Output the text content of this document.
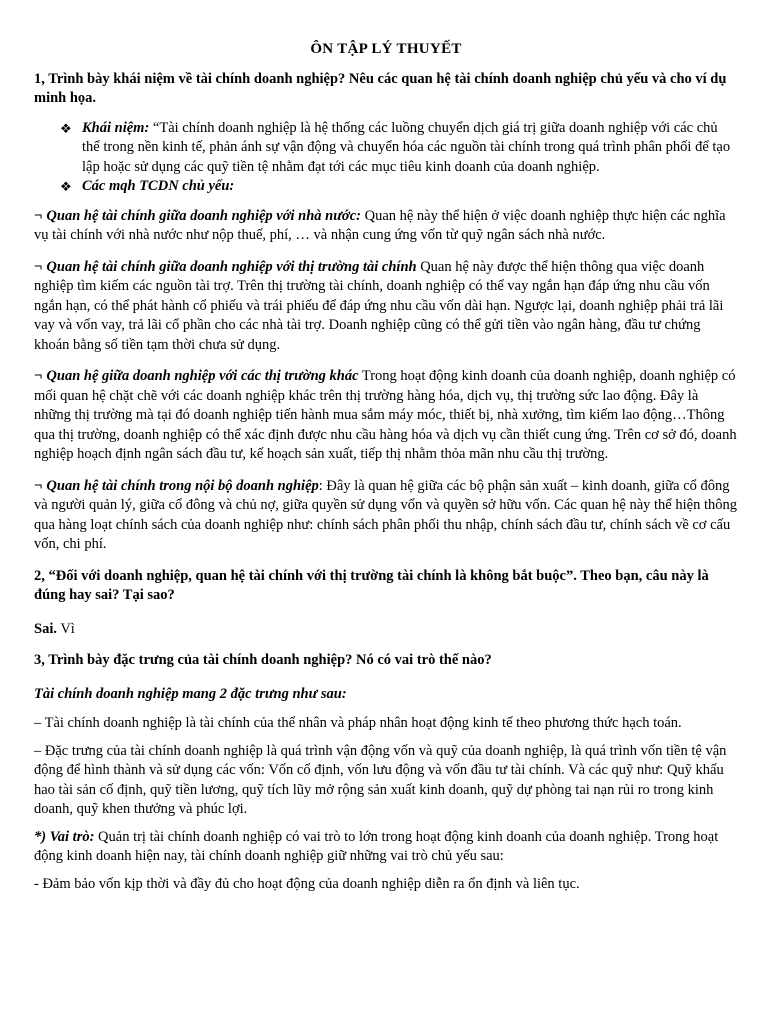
ÔN TẬP LÝ THUYẾT
1, Trình bày khái niệm về tài chính doanh nghiệp? Nêu các quan hệ tài chính doanh nghiệp chủ yếu và cho ví dụ minh họa.
❖ Khái niệm: “Tài chính doanh nghiệp là hệ thống các luồng chuyển dịch giá trị giữa doanh nghiệp với các chủ thể trong nền kinh tế, phản ánh sự vận động và chuyển hóa các nguồn tài chính trong quá trình phân phối để tạo lập hoặc sử dụng các quỹ tiền tệ nhằm đạt tới các mục tiêu kinh doanh của doanh nghiệp.
❖ Các mqh TCDN chủ yếu:
¬ Quan hệ tài chính giữa doanh nghiệp với nhà nước: Quan hệ này thể hiện ở việc doanh nghiệp thực hiện các nghĩa vụ tài chính với nhà nước như nộp thuế, phí, … và nhận cung ứng vốn từ quỹ ngân sách nhà nước.
¬ Quan hệ tài chính giữa doanh nghiệp với thị trường tài chính Quan hệ này được thể hiện thông qua việc doanh nghiệp tìm kiếm các nguồn tài trợ. Trên thị trường tài chính, doanh nghiệp có thể vay ngắn hạn đáp ứng nhu cầu vốn ngắn hạn, có thể phát hành cổ phiếu và trái phiếu để đáp ứng nhu cầu vốn dài hạn. Ngược lại, doanh nghiệp phải trả lãi vay và vốn vay, trả lãi cổ phần cho các nhà tài trợ. Doanh nghiệp cũng có thể gửi tiền vào ngân hàng, đầu tư chứng khoán bằng số tiền tạm thời chưa sử dụng.
¬ Quan hệ giữa doanh nghiệp với các thị trường khác Trong hoạt động kinh doanh của doanh nghiệp, doanh nghiệp có mối quan hệ chặt chẽ với các doanh nghiệp khác trên thị trường hàng hóa, dịch vụ, thị trường sức lao động. Đây là những thị trường mà tại đó doanh nghiệp tiến hành mua sắm máy móc, thiết bị, nhà xưởng, tìm kiếm lao động…Thông qua thị trường, doanh nghiệp có thể xác định được nhu cầu hàng hóa và dịch vụ cần thiết cung ứng. Trên cơ sở đó, doanh nghiệp hoạch định ngân sách đầu tư, kế hoạch sản xuất, tiếp thị nhằm thỏa mãn nhu cầu thị trường.
¬ Quan hệ tài chính trong nội bộ doanh nghiệp: Đây là quan hệ giữa các bộ phận sản xuất – kinh doanh, giữa cổ đông và người quản lý, giữa cổ đông và chủ nợ, giữa quyền sử dụng vốn và quyền sở hữu vốn. Các quan hệ này thể hiện thông qua hàng loạt chính sách của doanh nghiệp như: chính sách phân phối thu nhập, chính sách đầu tư, chính sách về cơ cấu vốn, chi phí.
2, “Đối với doanh nghiệp, quan hệ tài chính với thị trường tài chính là không bắt buộc”. Theo bạn, câu này là đúng hay sai? Tại sao?
Sai. Vì
3, Trình bày đặc trưng của tài chính doanh nghiệp? Nó có vai trò thế nào?
Tài chính doanh nghiệp mang 2 đặc trưng như sau:
– Tài chính doanh nghiệp là tài chính của thể nhân và pháp nhân hoạt động kinh tế theo phương thức hạch toán.
– Đặc trưng của tài chính doanh nghiệp là quá trình vận động vốn và quỹ của doanh nghiệp, là quá trình vốn tiền tệ vận động để hình thành và sử dụng các vốn: Vốn cố định, vốn lưu động và vốn đầu tư tài chính. Và các quỹ như: Quỹ khấu hao tài sản cố định, quỹ tiền lương, quỹ tích lũy mở rộng sản xuất kinh doanh, quỹ dự phòng tai nạn rủi ro trong kinh doanh, quỹ khen thưởng và phúc lợi.
*) Vai trò: Quản trị tài chính doanh nghiệp có vai trò to lớn trong hoạt động kinh doanh của doanh nghiệp. Trong hoạt động kinh doanh hiện nay, tài chính doanh nghiệp giữ những vai trò chủ yếu sau:
- Đảm bảo vốn kịp thời và đầy đủ cho hoạt động của doanh nghiệp diễn ra ổn định và liên tục.
